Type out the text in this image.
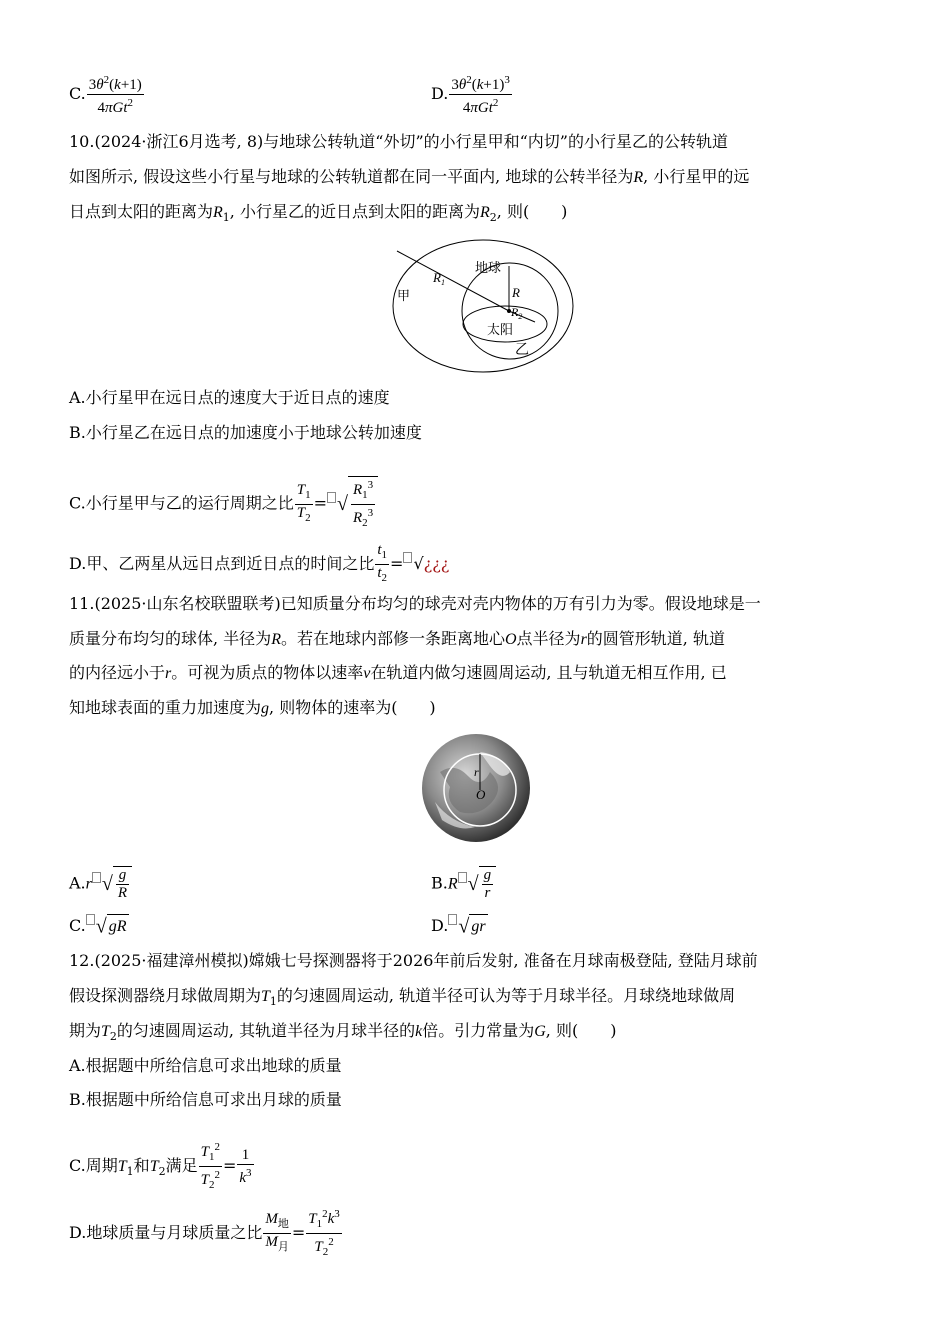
C. $\frac{3\theta^2(k+1)}{4\pi Gt^2}$	D. $\frac{3\theta^2(k+1)^3}{4\pi Gt^2}$
10.(2024·浙江6月选考, 8)与地球公转轨道“外切”的小行星甲和“内切”的小行星乙的公转轨道
如图所示, 假设这些小行星与地球的公转轨道都在同一平面内, 地球的公转半径为R, 小行星甲的远
日点到太阳的距离为$R_1$, 小行星乙的近日点到太阳的距离为$R_2$, 则(　　)
$R_1$
甲
地球
R
$R_2$
太阳
乙
A.小行星甲在远日点的速度大于近日点的速度
B.小行星乙在远日点的加速度小于地球公转加速度
C.小行星甲与乙的运行周期之比 $\frac{T_1}{T_2}$ = √ $\frac{R_1^3}{R_2^3}$
D.甲、乙两星从远日点到近日点的时间之比 $\frac{t_1}{t_2}$ = √¿¿¿
11.(2025·山东名校联盟联考)已知质量分布均匀的球壳对壳内物体的万有引力为零。假设地球是一
质量分布均匀的球体, 半径为R。若在地球内部修一条距离地心O点半径为r的圆管形轨道, 轨道
的内径远小于r。可视为质点的物体以速率v在轨道内做匀速圆周运动, 且与轨道无相互作用, 已
知地球表面的重力加速度为g, 则物体的速率为(　　)
r
O
A.r √ $\frac{g}{R}$	B.R √ $\frac{g}{r}$
C. √ gR	D. √ gr
12.(2025·福建漳州模拟)嫦娥七号探测器将于2026年前后发射, 准备在月球南极登陆, 登陆月球前
假设探测器绕月球做周期为$T_1$的匀速圆周运动, 轨道半径可认为等于月球半径。月球绕地球做周
期为$T_2$的匀速圆周运动, 其轨道半径为月球半径的k倍。引力常量为G, 则(　　)
A.根据题中所给信息可求出地球的质量
B.根据题中所给信息可求出月球的质量
C.周期$T_1$和$T_2$满足 $\frac{T_1^2}{T_2^2} = \frac{1}{k^3}$
D.地球质量与月球质量之比 $\frac{M_地}{M_月} = \frac{T_1^2k^3}{T_2^2}$
